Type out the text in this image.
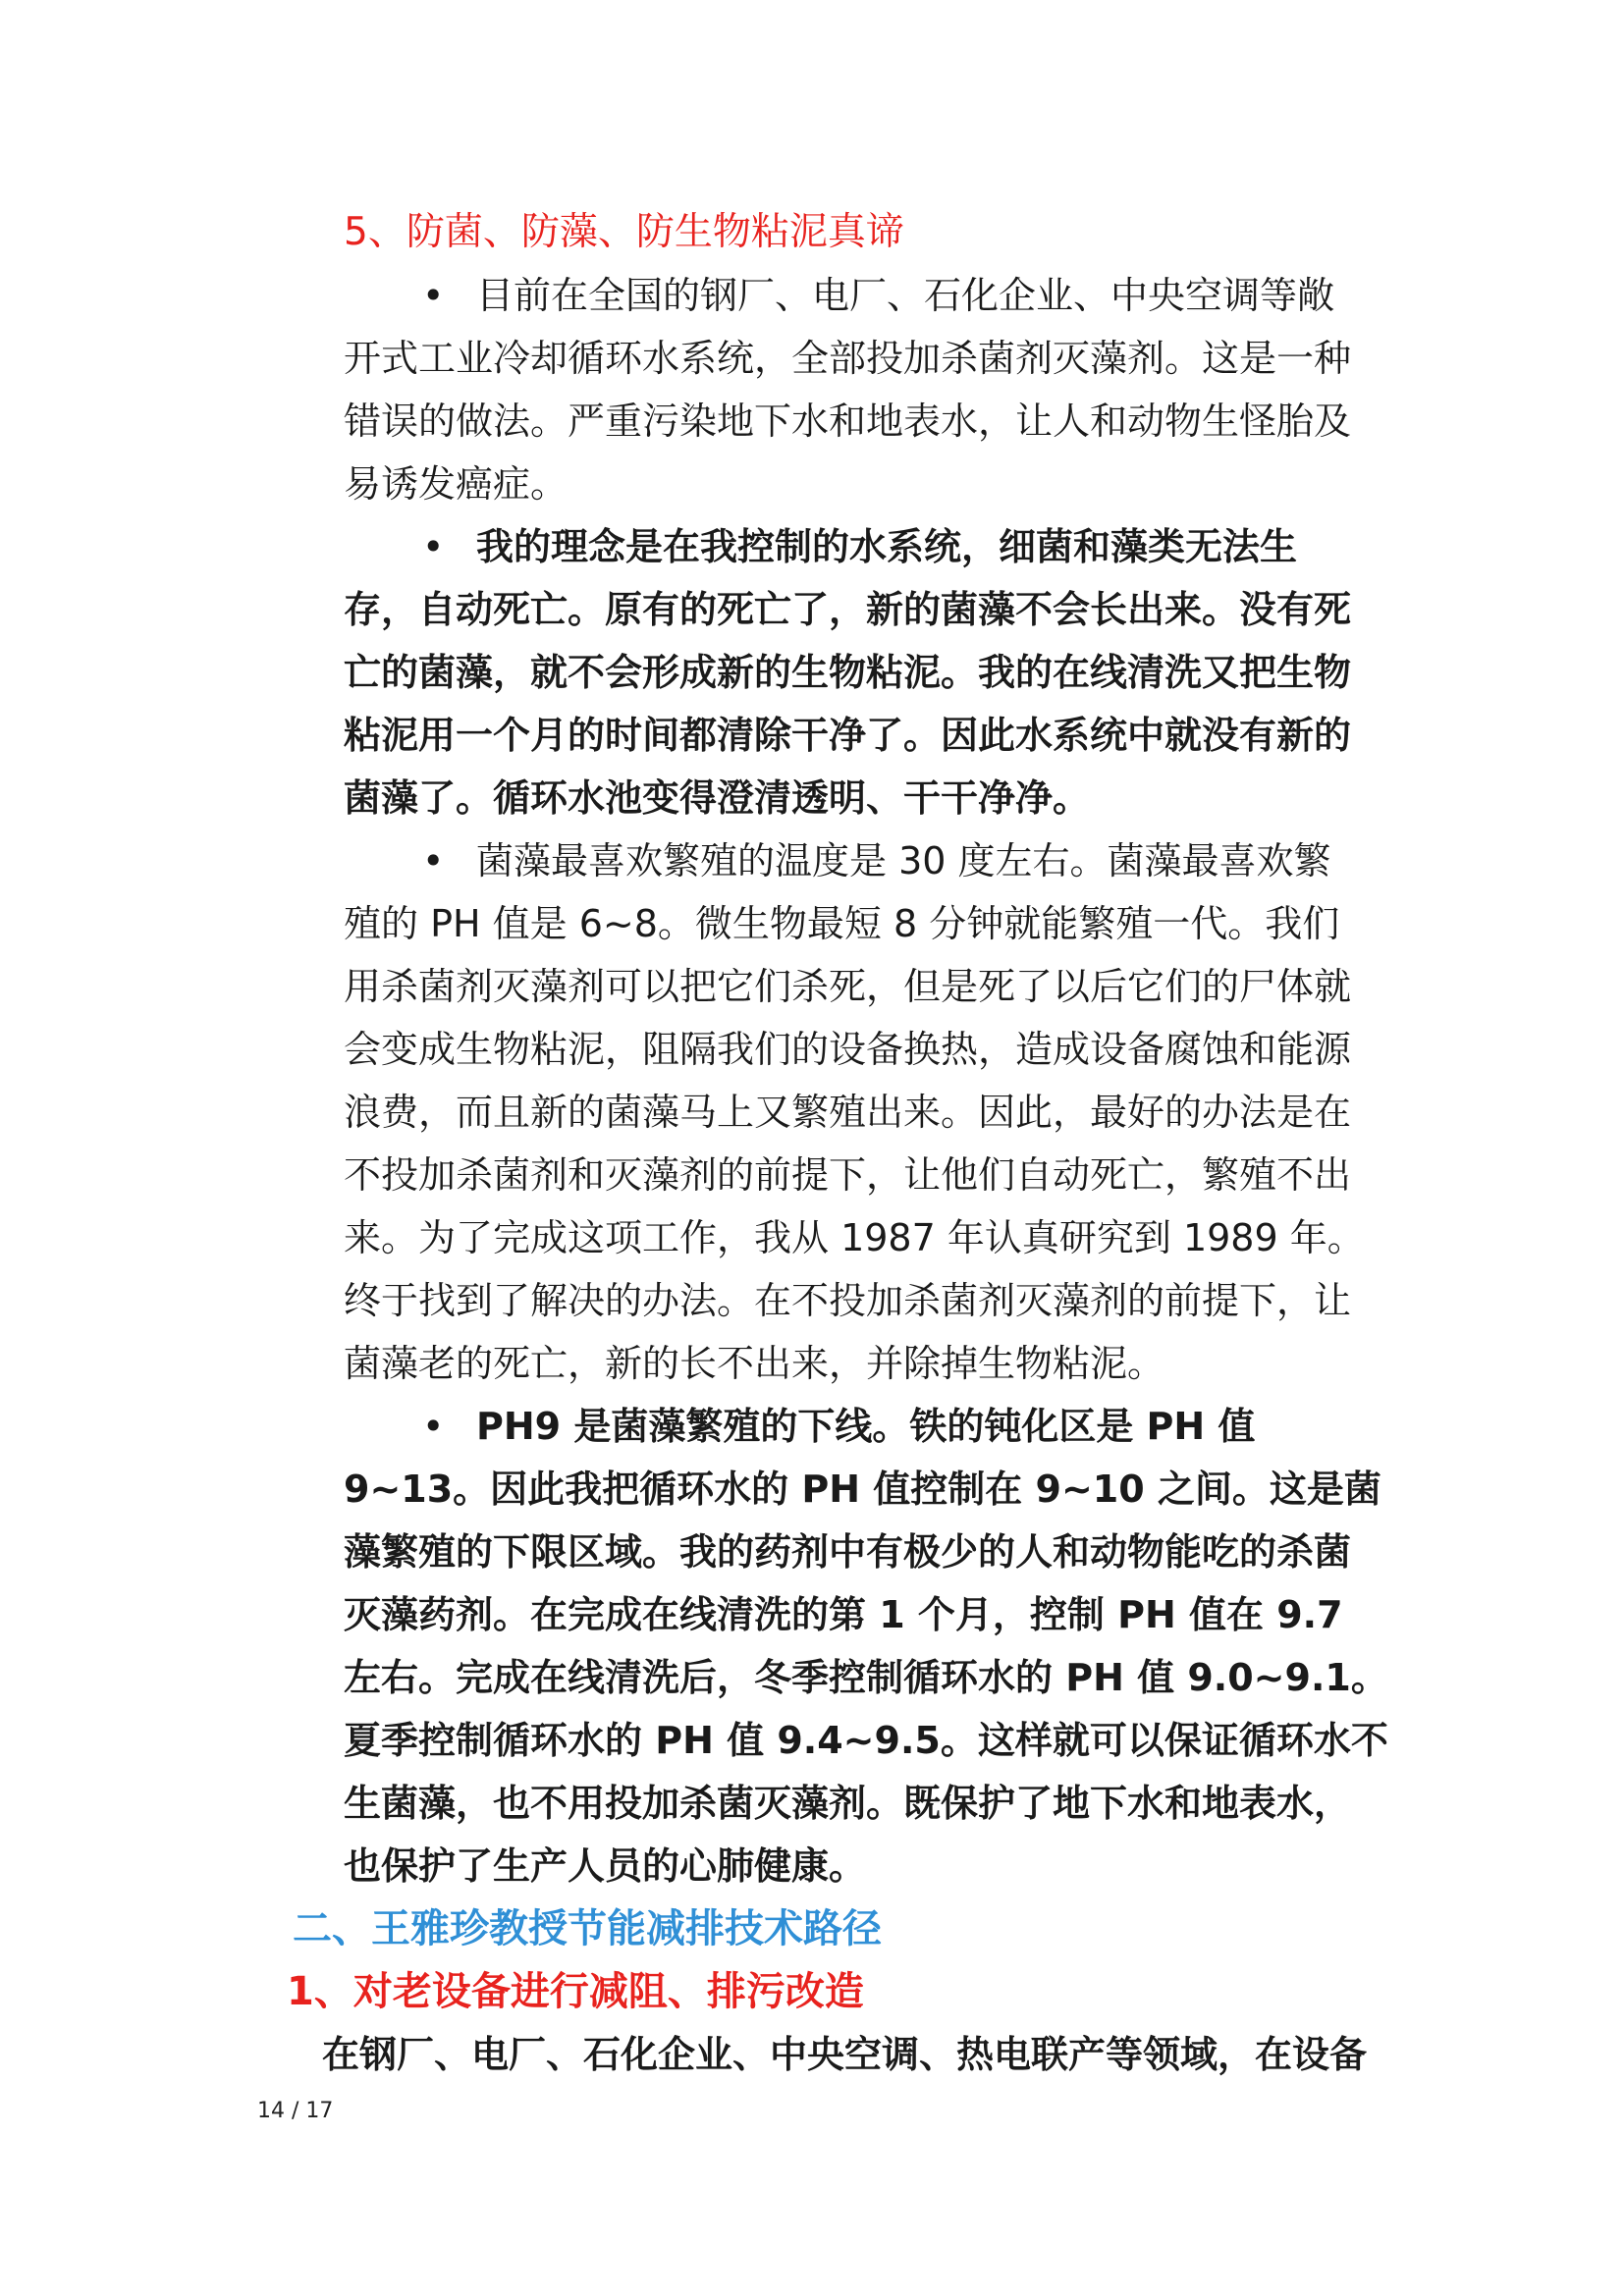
5、防菌、防藻、防生物粘泥真谛
• 目前在全国的钢厂、电厂、石化企业、中央空调等敞
开式工业冷却循环水系统，全部投加杀菌剂灭藻剂。这是一种
错误的做法。严重污染地下水和地表水，让人和动物生怪胎及
易诱发癌症。
• 我的理念是在我控制的水系统，细菌和藻类无法生
存，自动死亡。原有的死亡了，新的菌藻不会长出来。没有死
亡的菌藻，就不会形成新的生物粘泥。我的在线清洗又把生物
粘泥用一个月的时间都清除干净了。因此水系统中就没有新的
菌藻了。循环水池变得澄清透明、干干净净。
• 菌藻最喜欢繁殖的温度是 30 度左右。菌藻最喜欢繁
殖的 PH 值是 6~8。微生物最短 8 分钟就能繁殖一代。我们
用杀菌剂灭藻剂可以把它们杀死，但是死了以后它们的尸体就
会变成生物粘泥，阻隔我们的设备换热，造成设备腐蚀和能源
浪费，而且新的菌藻马上又繁殖出来。因此，最好的办法是在
不投加杀菌剂和灭藻剂的前提下，让他们自动死亡，繁殖不出
来。为了完成这项工作，我从 1987 年认真研究到 1989 年。
终于找到了解决的办法。在不投加杀菌剂灭藻剂的前提下，让
菌藻老的死亡，新的长不出来，并除掉生物粘泥。
• PH9 是菌藻繁殖的下线。铁的钝化区是 PH 值
9~13。因此我把循环水的 PH 值控制在 9~10 之间。这是菌
藻繁殖的下限区域。我的药剂中有极少的人和动物能吃的杀菌
灭藻药剂。在完成在线清洗的第 1 个月，控制 PH 值在 9.7
左右。完成在线清洗后，冬季控制循环水的 PH 值 9.0~9.1。
夏季控制循环水的 PH 值 9.4~9.5。这样就可以保证循环水不
生菌藻，也不用投加杀菌灭藻剂。既保护了地下水和地表水，
也保护了生产人员的心肺健康。
二、王雅珍教授节能减排技术路径
1、对老设备进行减阻、排污改造
在钢厂、电厂、石化企业、中央空调、热电联产等领域，在设备
14 / 17
